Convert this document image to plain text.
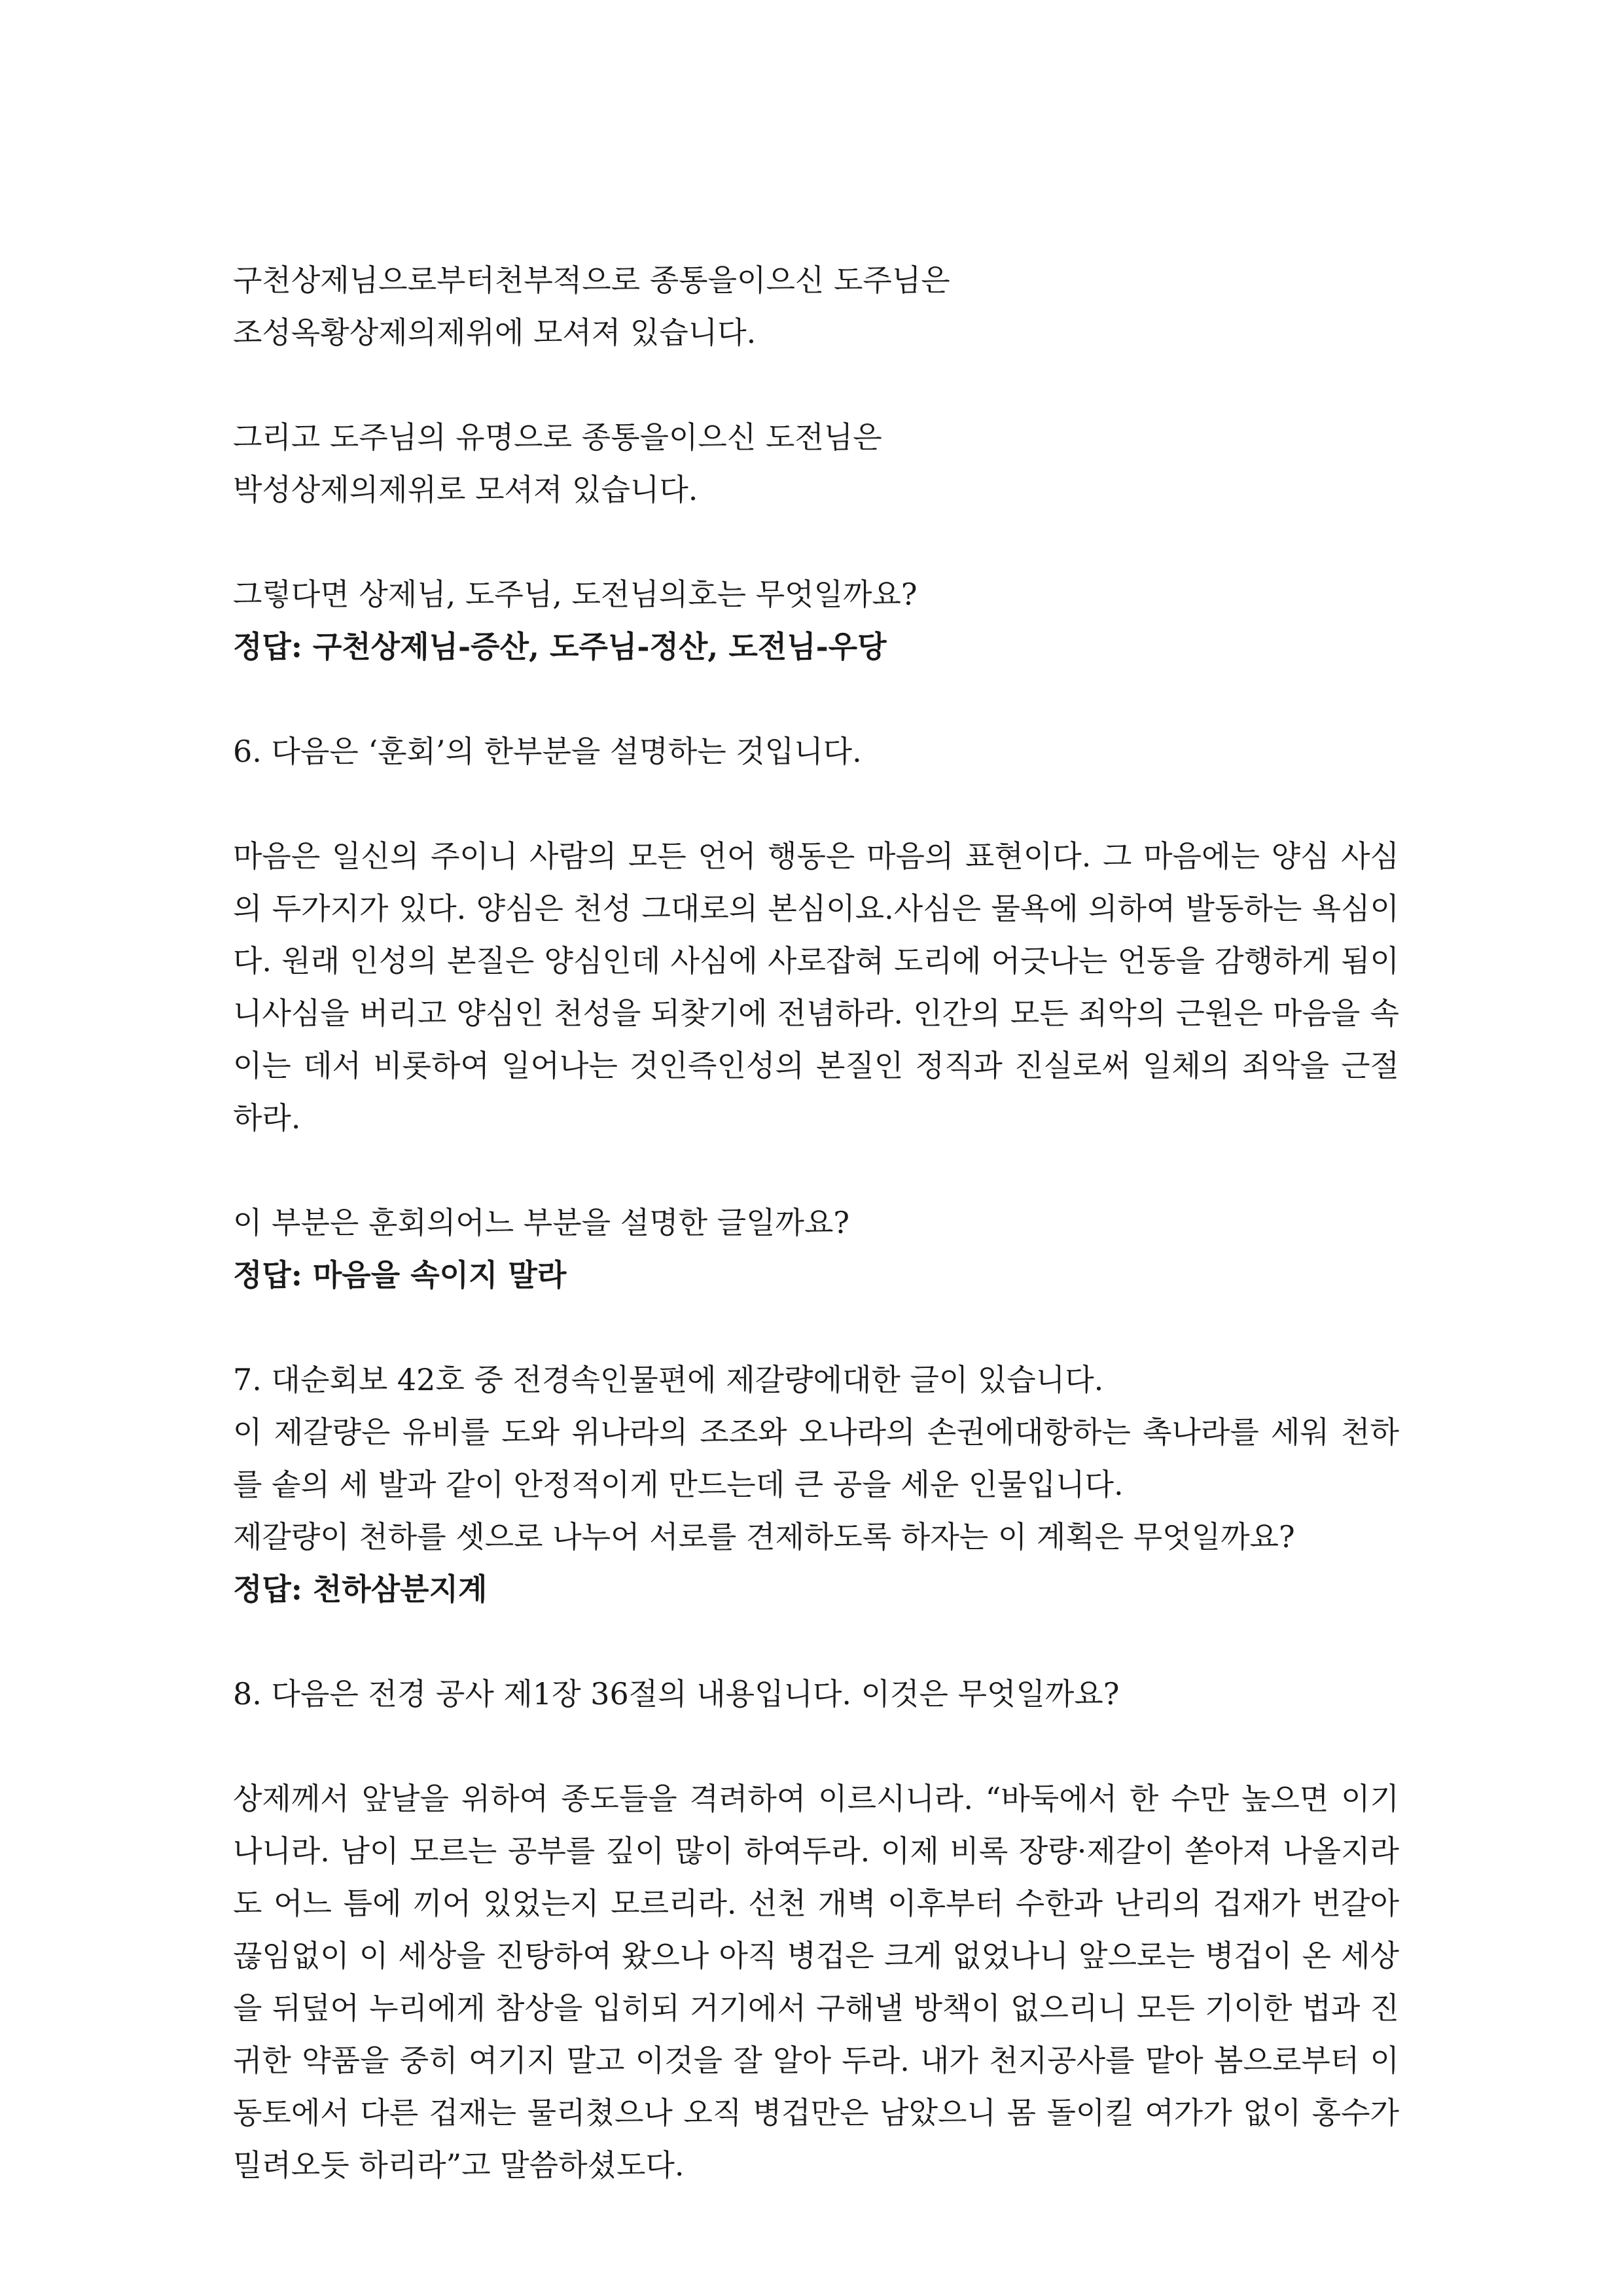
구천상제님으로부터천부적으로 종통을이으신 도주님은

조성옥황상제의제위에 모셔져 있습니다.

그리고 도주님의 유명으로 종통을이으신 도전님은

박성상제의제위로 모셔져 있습니다.

그렇다면 상제님, 도주님, 도전님의호는 무엇일까요?

정답: 구천상제님-증산, 도주님-정산, 도전님-우당

6. 다음은 ‘훈회’의 한부분을 설명하는 것입니다.

마음은 일신의 주이니 사람의 모든 언어 행동은 마음의 표현이다. 그 마음에는 양심 사심의 두가지가 있다. 양심은 천성 그대로의 본심이요.사심은 물욕에 의하여 발동하는 욕심이다. 원래 인성의 본질은 양심인데 사심에 사로잡혀 도리에 어긋나는 언동을 감행하게 됨이니사심을 버리고 양심인 천성을 되찾기에 전념하라. 인간의 모든 죄악의 근원은 마음을 속이는 데서 비롯하여 일어나는 것인즉인성의 본질인 정직과 진실로써 일체의 죄악을 근절하라.

이 부분은 훈회의어느 부분을 설명한 글일까요?

정답: 마음을 속이지 말라

7. 대순회보 42호 중 전경속인물편에 제갈량에대한 글이 있습니다.

이 제갈량은 유비를 도와 위나라의 조조와 오나라의 손권에대항하는 촉나라를 세워 천하를 솥의 세 발과 같이 안정적이게 만드는데 큰 공을 세운 인물입니다.

제갈량이 천하를 셋으로 나누어 서로를 견제하도록 하자는 이 계획은 무엇일까요?

정답: 천하삼분지계

8. 다음은 전경 공사 제1장 36절의 내용입니다. 이것은 무엇일까요?

상제께서 앞날을 위하여 종도들을 격려하여 이르시니라. “바둑에서 한 수만 높으면 이기나니라. 남이 모르는 공부를 깊이 많이 하여두라. 이제 비록 장량·제갈이 쏟아져 나올지라도 어느 틈에 끼어 있었는지 모르리라. 선천 개벽 이후부터 수한과 난리의 겁재가 번갈아 끊임없이 이 세상을 진탕하여 왔으나 아직 병겁은 크게 없었나니 앞으로는 병겁이 온 세상을 뒤덮어 누리에게 참상을 입히되 거기에서 구해낼 방책이 없으리니 모든 기이한 법과 진귀한 약품을 중히 여기지 말고 이것을 잘 알아 두라. 내가 천지공사를 맡아 봄으로부터 이 동토에서 다른 겁재는 물리쳤으나 오직 병겁만은 남았으니 몸 돌이킬 여가가 없이 홍수가 밀려오듯 하리라”고 말씀하셨도다.
